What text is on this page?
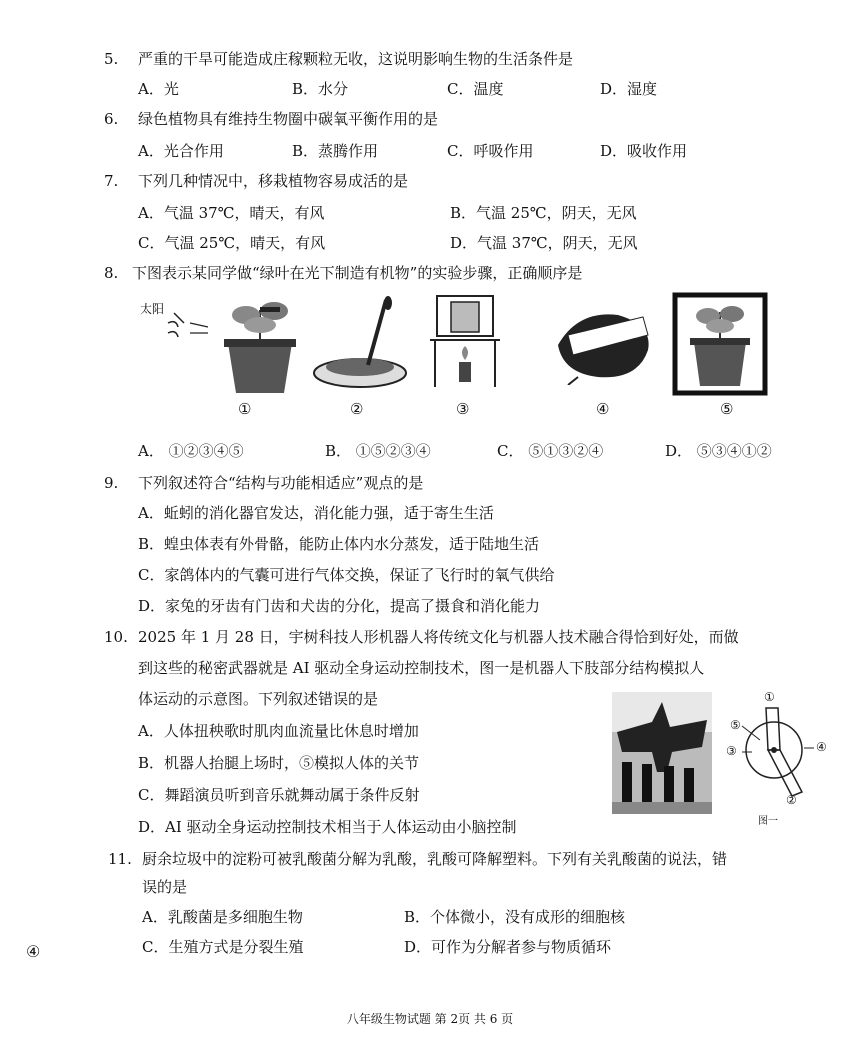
5. 严重的干旱可能造成庄稼颗粒无收，这说明影响生物的生活条件是
A．光	B．水分	C．温度	D．湿度
6. 绿色植物具有维持生物圈中碳氧平衡作用的是
A．光合作用	B．蒸腾作用	C．呼吸作用	D．吸收作用
7. 下列几种情况中，移栽植物容易成活的是
A．气温 37℃，晴天，有风	B．气温 25℃，阴天，无风
C．气温 25℃，晴天，有风	D．气温 37℃，阴天，无风
8. 下图表示某同学做“绿叶在光下制造有机物”的实验步骤，正确顺序是
太阳
①	②	③	④	⑤
A． ①②③④⑤	B． ①⑤②③④	C． ⑤①③②④	D． ⑤③④①②
9. 下列叙述符合“结构与功能相适应”观点的是
A．蚯蚓的消化器官发达，消化能力强，适于寄生生活
B．蝗虫体表有外骨骼，能防止体内水分蒸发，适于陆地生活
C．家鸽体内的气囊可进行气体交换，保证了飞行时的氧气供给
D．家兔的牙齿有门齿和犬齿的分化，提高了摄食和消化能力
10. 2025 年 1 月 28 日，宇树科技人形机器人将传统文化与机器人技术融合得恰到好处，而做
到这些的秘密武器就是 AI 驱动全身运动控制技术，图一是机器人下肢部分结构模拟人
体运动的示意图。下列叙述错误的是
A．人体扭秧歌时肌肉血流量比休息时增加
B．机器人抬腿上场时，⑤模拟人体的关节
C．舞蹈演员听到音乐就舞动属于条件反射
D．AI 驱动全身运动控制技术相当于人体运动由小脑控制
①
②
③	④
⑤
图一
11. 厨余垃圾中的淀粉可被乳酸菌分解为乳酸，乳酸可降解塑料。下列有关乳酸菌的说法，错
误的是
A．乳酸菌是多细胞生物	B．个体微小，没有成形的细胞核
C．生殖方式是分裂生殖	D．可作为分解者参与物质循环
④
八年级生物试题 第 2页 共 6 页
